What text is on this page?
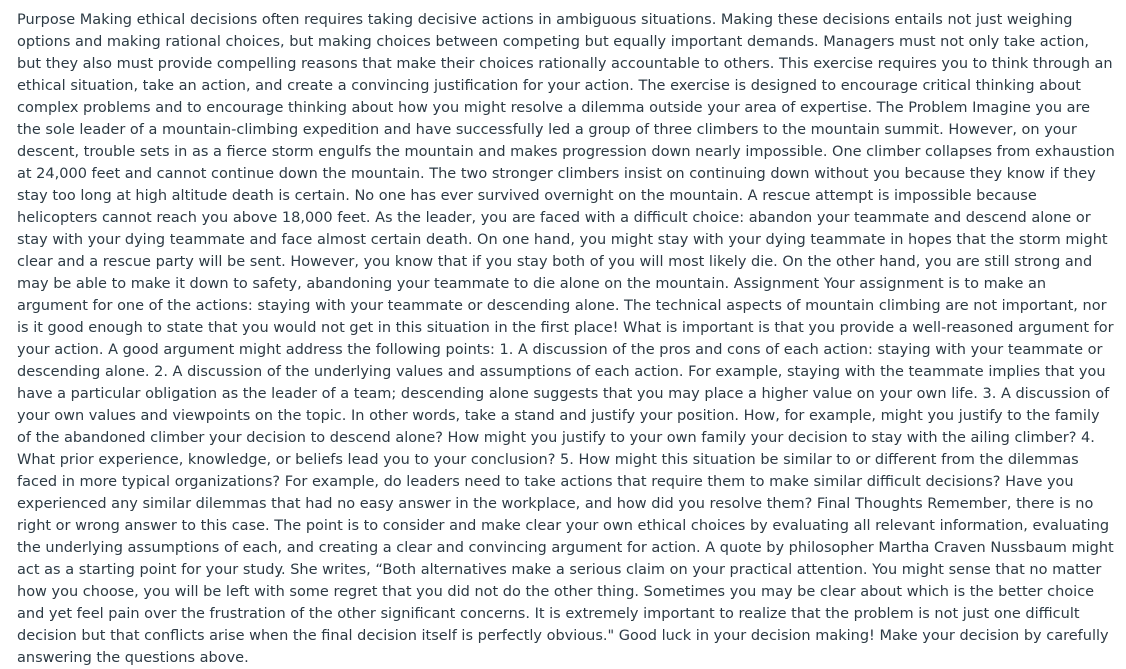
Purpose Making ethical decisions often requires taking decisive actions in ambiguous situations. Making these decisions entails not just weighing options and making rational choices, but making choices between competing but equally important demands. Managers must not only take action, but they also must provide compelling reasons that make their choices rationally accountable to others. This exercise requires you to think through an ethical situation, take an action, and create a convincing justification for your action. The exercise is designed to encourage critical thinking about complex problems and to encourage thinking about how you might resolve a dilemma outside your area of expertise. The Problem Imagine you are the sole leader of a mountain-climbing expedition and have successfully led a group of three climbers to the mountain summit. However, on your descent, trouble sets in as a fierce storm engulfs the mountain and makes progression down nearly impossible. One climber collapses from exhaustion at 24,000 feet and cannot continue down the mountain. The two stronger climbers insist on continuing down without you because they know if they stay too long at high altitude death is certain. No one has ever survived overnight on the mountain. A rescue attempt is impossible because helicopters cannot reach you above 18,000 feet. As the leader, you are faced with a difficult choice: abandon your teammate and descend alone or stay with your dying teammate and face almost certain death. On one hand, you might stay with your dying teammate in hopes that the storm might clear and a rescue party will be sent. However, you know that if you stay both of you will most likely die. On the other hand, you are still strong and may be able to make it down to safety, abandoning your teammate to die alone on the mountain. Assignment Your assignment is to make an argument for one of the actions: staying with your teammate or descending alone. The technical aspects of mountain climbing are not important, nor is it good enough to state that you would not get in this situation in the first place! What is important is that you provide a well-reasoned argument for your action. A good argument might address the following points: 1. A discussion of the pros and cons of each action: staying with your teammate or descending alone. 2. A discussion of the underlying values and assumptions of each action. For example, staying with the teammate implies that you have a particular obligation as the leader of a team; descending alone suggests that you may place a higher value on your own life. 3. A discussion of your own values and viewpoints on the topic. In other words, take a stand and justify your position. How, for example, might you justify to the family of the abandoned climber your decision to descend alone? How might you justify to your own family your decision to stay with the ailing climber? 4. What prior experience, knowledge, or beliefs lead you to your conclusion? 5. How might this situation be similar to or different from the dilemmas faced in more typical organizations? For example, do leaders need to take actions that require them to make similar difficult decisions? Have you experienced any similar dilemmas that had no easy answer in the workplace, and how did you resolve them? Final Thoughts Remember, there is no right or wrong answer to this case. The point is to consider and make clear your own ethical choices by evaluating all relevant information, evaluating the underlying assumptions of each, and creating a clear and convincing argument for action. A quote by philosopher Martha Craven Nussbaum might act as a starting point for your study. She writes, “Both alternatives make a serious claim on your practical attention. You might sense that no matter how you choose, you will be left with some regret that you did not do the other thing. Sometimes you may be clear about which is the better choice and yet feel pain over the frustration of the other significant concerns. It is extremely important to realize that the problem is not just one difficult decision but that conflicts arise when the final decision itself is perfectly obvious." Good luck in your decision making! Make your decision by carefully answering the questions above.
